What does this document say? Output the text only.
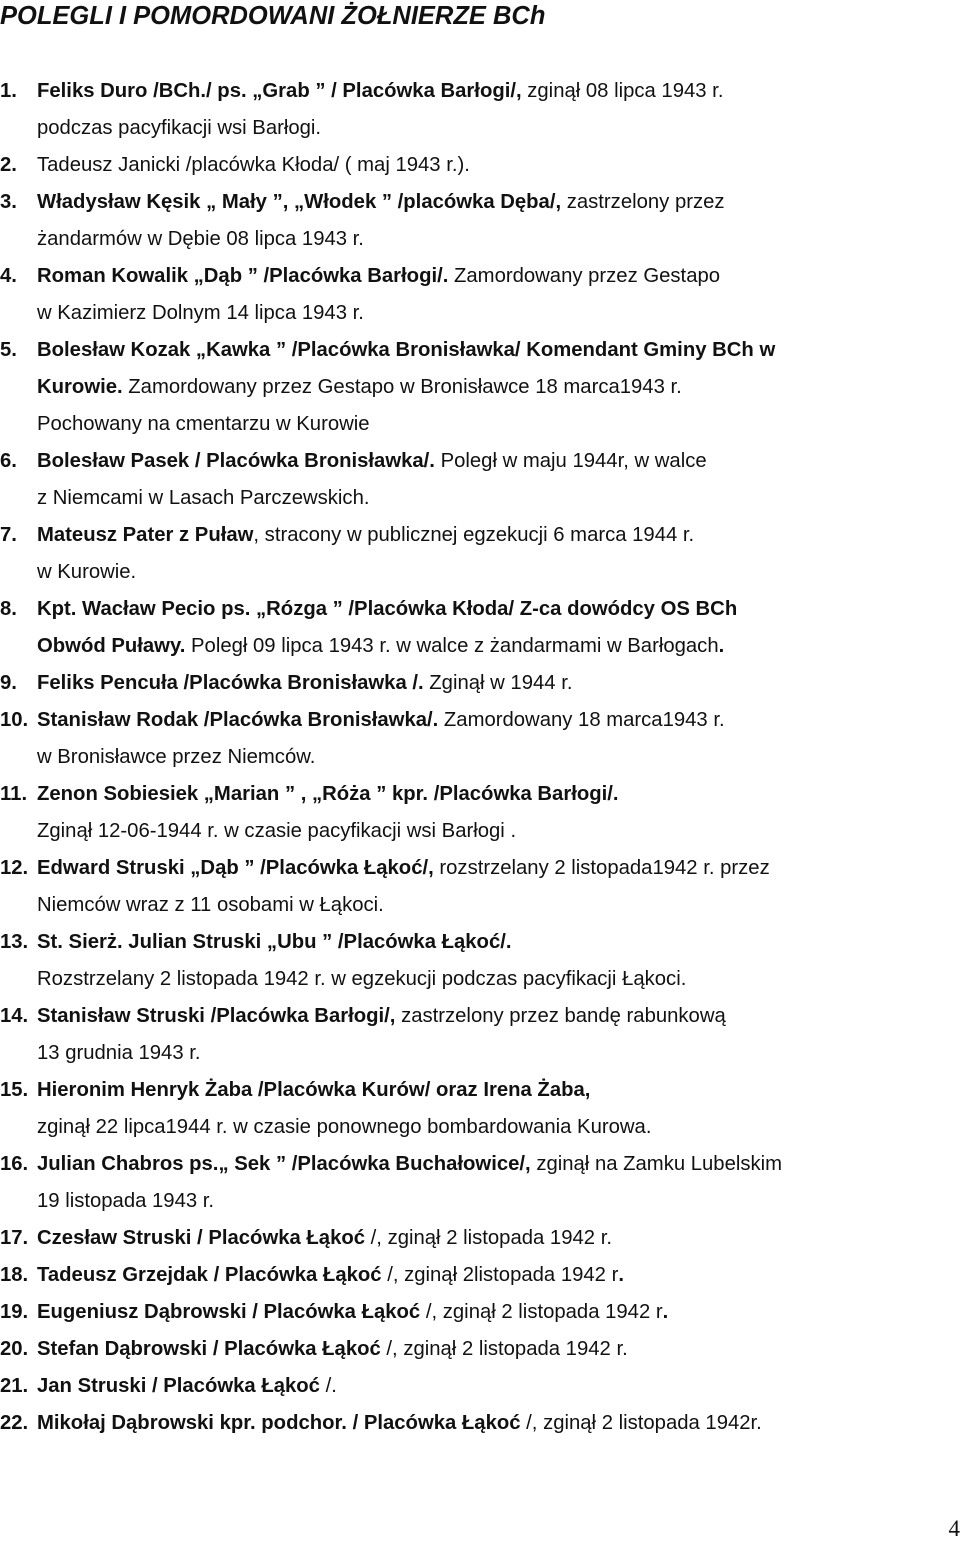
POLEGLI I POMORDOWANI ŻOŁNIERZE BCh
1. Feliks Duro /BCh./ ps. „Grab ” / Placówka Barłogi/, zginął 08 lipca 1943 r.
podczas pacyfikacji wsi Barłogi.
2. Tadeusz Janicki /placówka Kłoda/ ( maj 1943 r.).
3. Władysław Kęsik „ Mały ”, „Włodek ” /placówka Dęba/, zastrzelony przez
żandarmów w Dębie 08 lipca 1943 r.
4. Roman Kowalik „Dąb ” /Placówka Barłogi/. Zamordowany przez Gestapo
w Kazimierz Dolnym 14 lipca 1943 r.
5. Bolesław Kozak „Kawka ” /Placówka Bronisławka/ Komendant Gminy BCh w
Kurowie. Zamordowany przez Gestapo w Bronisławce 18 marca1943 r.
Pochowany na cmentarzu w Kurowie
6. Bolesław Pasek / Placówka Bronisławka/. Poległ w maju 1944r, w walce
z Niemcami w Lasach Parczewskich.
7. Mateusz Pater z Puław, stracony w publicznej egzekucji 6 marca 1944 r.
w Kurowie.
8. Kpt. Wacław Pecio ps. „Rózga ” /Placówka Kłoda/ Z-ca dowódcy OS BCh
Obwód Puławy. Poległ 09 lipca 1943 r. w walce z żandarmami w Barłogach.
9. Feliks Pencuła /Placówka Bronisławka /. Zginął w 1944 r.
10. Stanisław Rodak /Placówka Bronisławka/. Zamordowany 18 marca1943 r.
w Bronisławce przez Niemców.
11. Zenon Sobiesiek „Marian ” , „Róża ” kpr. /Placówka Barłogi/.
Zginął 12-06-1944 r. w czasie pacyfikacji wsi Barłogi .
12. Edward Struski „Dąb ” /Placówka Łąkoć/, rozstrzelany 2 listopada1942 r. przez
Niemców wraz z 11 osobami w Łąkoci.
13. St. Sierż. Julian Struski „Ubu ” /Placówka Łąkoć/.
Rozstrzelany 2 listopada 1942 r. w egzekucji podczas pacyfikacji Łąkoci.
14. Stanisław Struski /Placówka Barłogi/, zastrzelony przez bandę rabunkową
13 grudnia 1943 r.
15. Hieronim Henryk Żaba /Placówka Kurów/ oraz Irena Żaba,
zginął 22 lipca1944 r. w czasie ponownego bombardowania Kurowa.
16. Julian Chabros ps.„ Sek ” /Placówka Buchałowice/, zginął na Zamku Lubelskim
19 listopada 1943 r.
17. Czesław Struski / Placówka Łąkoć /, zginął 2 listopada 1942 r.
18. Tadeusz Grzejdak / Placówka Łąkoć /, zginął 2listopada 1942 r.
19. Eugeniusz Dąbrowski / Placówka Łąkoć /, zginął 2 listopada 1942 r.
20. Stefan Dąbrowski / Placówka Łąkoć /, zginął 2 listopada 1942 r.
21. Jan Struski / Placówka Łąkoć /.
22. Mikołaj Dąbrowski kpr. podchor. / Placówka Łąkoć /, zginął 2 listopada 1942r.
4
